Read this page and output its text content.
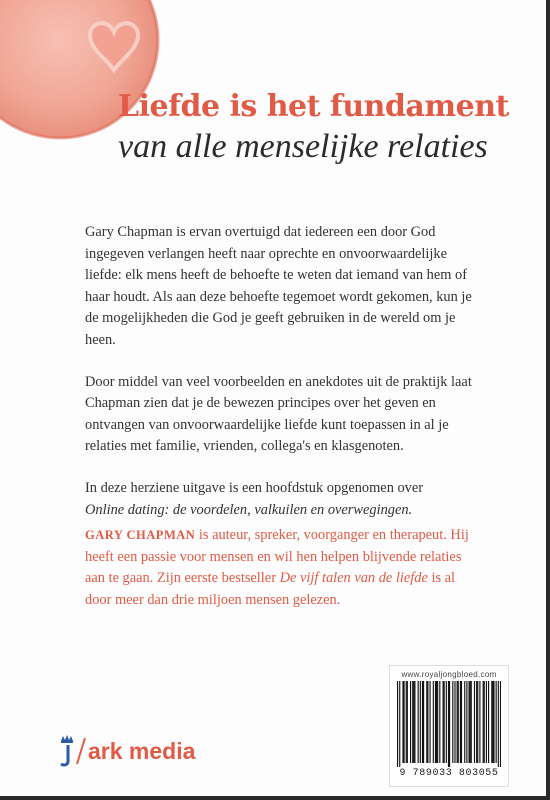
Liefde is het fundament van alle menselijke relaties

Gary Chapman is ervan overtuigd dat iedereen een door God ingegeven verlangen heeft naar oprechte en onvoorwaardelijke liefde: elk mens heeft de behoefte te weten dat iemand van hem of haar houdt. Als aan deze behoefte tegemoet wordt gekomen, kun je de mogelijkheden die God je geeft gebruiken in de wereld om je heen.

Door middel van veel voorbeelden en anekdotes uit de praktijk laat Chapman zien dat je de bewezen principes over het geven en ontvangen van onvoorwaardelijke liefde kunt toepassen in al je relaties met familie, vrienden, collega's en klasgenoten.

In deze herziene uitgave is een hoofdstuk opgenomen over
Online dating: de voordelen, valkuilen en overwegingen.

GARY CHAPMAN is auteur, spreker, voorganger en therapeut. Hij heeft een passie voor mensen en wil hen helpen blijvende relaties aan te gaan. Zijn eerste bestseller De vijf talen van de liefde is al door meer dan drie miljoen mensen gelezen.
ark media
www.royaljongbloed.com
9 789033 803055
